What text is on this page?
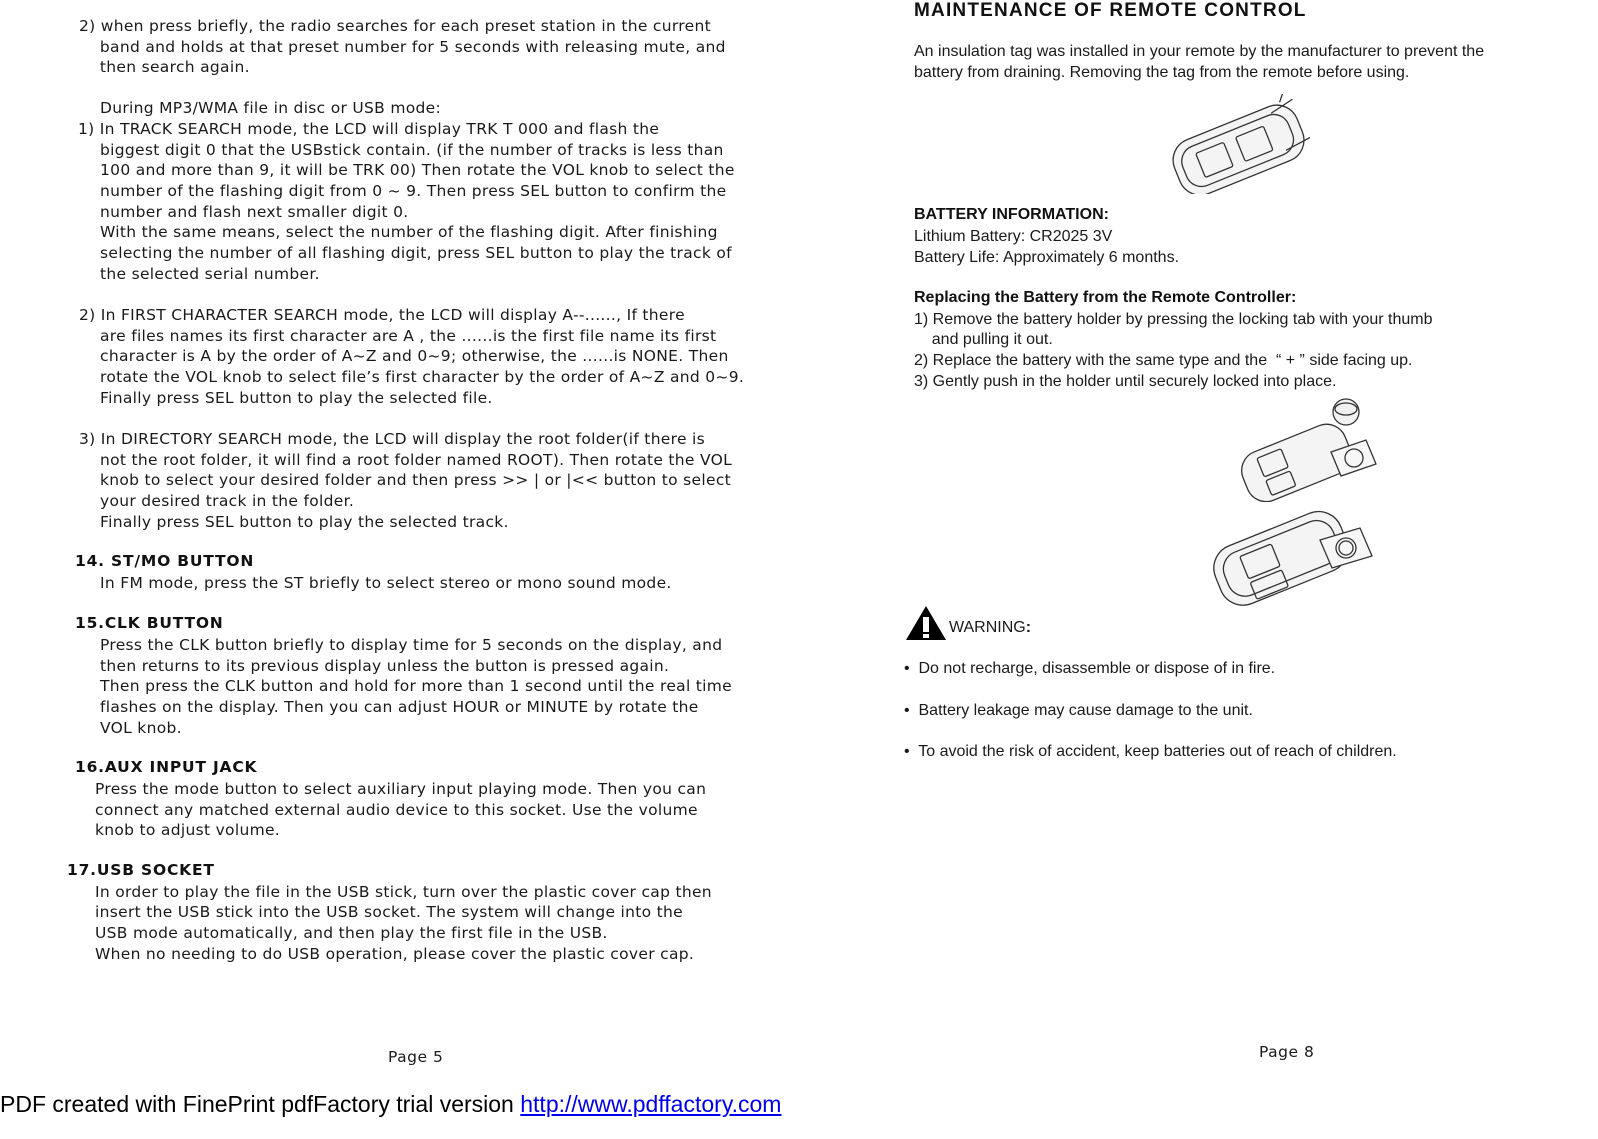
2) when press briefly, the radio searches for each preset station in the current
band and holds at that preset number for 5 seconds with releasing mute, and
then search again.
During MP3/WMA file in disc or USB mode:
1) In TRACK SEARCH mode, the LCD will display TRK T 000 and flash the
biggest digit 0 that the USBstick contain. (if the number of tracks is less than
100 and more than 9, it will be TRK 00) Then rotate the VOL knob to select the
number of the flashing digit from 0 ~ 9. Then press SEL button to confirm the
number and flash next smaller digit 0.
With the same means, select the number of the flashing digit. After finishing
selecting the number of all flashing digit, press SEL button to play the track of
the selected serial number.
2) In FIRST CHARACTER SEARCH mode, the LCD will display A--......, If there
are files names its first character are A , the ......is the first file name its first
character is A by the order of A~Z and 0~9; otherwise, the ......is NONE. Then
rotate the VOL knob to select file’s first character by the order of A~Z and 0~9.
Finally press SEL button to play the selected file.
3) In DIRECTORY SEARCH mode, the LCD will display the root folder(if there is
not the root folder, it will find a root folder named ROOT). Then rotate the VOL
knob to select your desired folder and then press >> | or |<< button to select
your desired track in the folder.
Finally press SEL button to play the selected track.
14. ST/MO BUTTON
In FM mode, press the ST briefly to select stereo or mono sound mode.
15.CLK BUTTON
Press the CLK button briefly to display time for 5 seconds on the display, and
then returns to its previous display unless the button is pressed again.
Then press the CLK button and hold for more than 1 second until the real time
flashes on the display. Then you can adjust HOUR or MINUTE by rotate the
VOL knob.
16.AUX INPUT JACK
Press the mode button to select auxiliary input playing mode. Then you can
connect any matched external audio device to this socket. Use the volume
knob to adjust volume.
17.USB SOCKET
In order to play the file in the USB stick, turn over the plastic cover cap then
insert the USB stick into the USB socket. The system will change into the
USB mode automatically, and then play the first file in the USB.
When no needing to do USB operation, please cover the plastic cover cap.
Page 5
MAINTENANCE OF REMOTE CONTROL
An insulation tag was installed in your remote by the manufacturer to prevent the
battery from draining. Removing the tag from the remote before using.
BATTERY INFORMATION:
Lithium Battery: CR2025 3V
Battery Life: Approximately 6 months.
Replacing the Battery from the Remote Controller:
1) Remove the battery holder by pressing the locking tab with your thumb
and pulling it out.
2) Replace the battery with the same type and the  “ + ” side facing up.
3) Gently push in the holder until securely locked into place.
WARNING:
• Do not recharge, disassemble or dispose of in fire.
• Battery leakage may cause damage to the unit.
• To avoid the risk of accident, keep batteries out of reach of children.
Page 8
PDF created with FinePrint pdfFactory trial version http://www.pdffactory.com
